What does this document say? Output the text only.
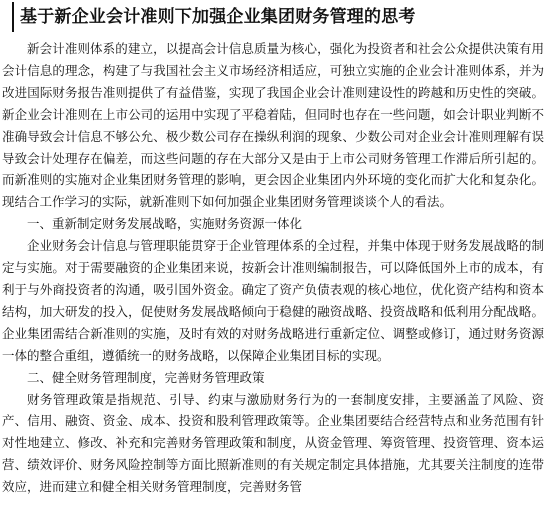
基于新企业会计准则下加强企业集团财务管理的思考

新会计准则体系的建立，以提高会计信息质量为核心，强化为投资者和社会公众提供决策有用会计信息的理念，构建了与我国社会主义市场经济相适应，可独立实施的企业会计准则体系，并为改进国际财务报告准则提供了有益借鉴，实现了我国企业会计准则建设性的跨越和历史性的突破。新企业会计准则在上市公司的运用中实现了平稳着陆，但同时也存在一些问题，如会计职业判断不准确导致会计信息不够公允、极少数公司存在操纵利润的现象、少数公司对企业会计准则理解有误导致会计处理存在偏差，而这些问题的存在大部分又是由于上市公司财务管理工作滞后所引起的。而新准则的实施对企业集团财务管理的影响，更会因企业集团内外环境的变化而扩大化和复杂化。现结合工作学习的实际，就新准则下如何加强企业集团财务管理谈谈个人的看法。

一、重新制定财务发展战略，实施财务资源一体化

企业财务会计信息与管理职能贯穿于企业管理体系的全过程，并集中体现于财务发展战略的制定与实施。对于需要融资的企业集团来说，按新会计准则编制报告，可以降低国外上市的成本，有利于与外商投资者的沟通，吸引国外资金。确定了资产负债表观的核心地位，优化资产结构和资本结构，加大研发的投入，促使财务发展战略倾向于稳健的融资战略、投资战略和低利用分配战略。企业集团需结合新准则的实施，及时有效的对财务战略进行重新定位、调整或修订，通过财务资源一体的整合重组，遵循统一的财务战略，以保障企业集团目标的实现。

二、健全财务管理制度，完善财务管理政策

财务管理政策是指规范、引导、约束与激励财务行为的一套制度安排，主要涵盖了风险、资产、信用、融资、资金、成本、投资和股利管理政策等。企业集团要结合经营特点和业务范围有针对性地建立、修改、补充和完善财务管理政策和制度，从资金管理、筹资管理、投资管理、资本运营、绩效评价、财务风险控制等方面比照新准则的有关规定制定具体措施，尤其要关注制度的连带效应，进而建立和健全相关财务管理制度，完善财务管
